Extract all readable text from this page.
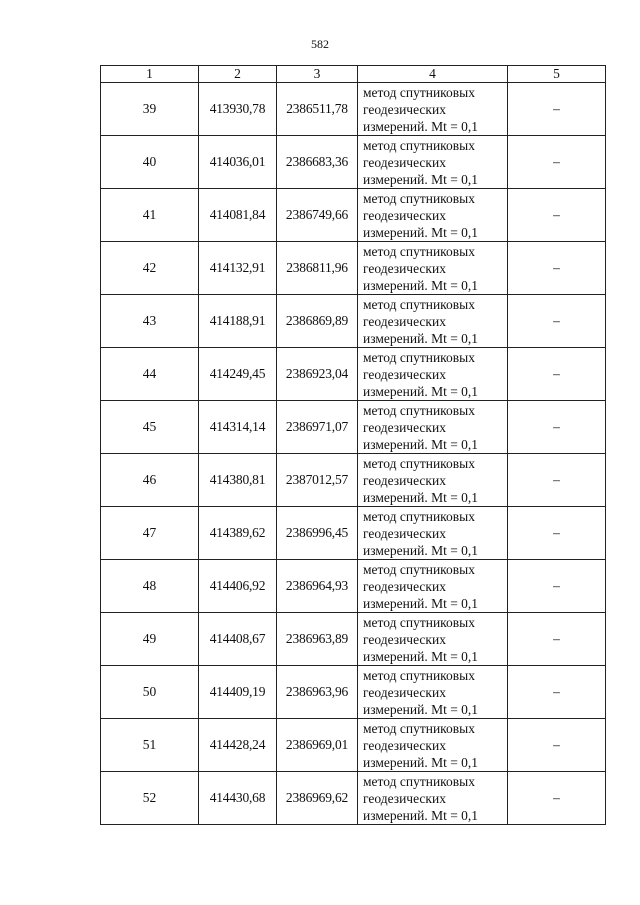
582
1	2	3	4	5
39	413930,78	2386511,78	метод спутниковых
геодезических
измерений. Mt = 0,1	–
40	414036,01	2386683,36	метод спутниковых
геодезических
измерений. Mt = 0,1	–
41	414081,84	2386749,66	метод спутниковых
геодезических
измерений. Mt = 0,1	–
42	414132,91	2386811,96	метод спутниковых
геодезических
измерений. Mt = 0,1	–
43	414188,91	2386869,89	метод спутниковых
геодезических
измерений. Mt = 0,1	–
44	414249,45	2386923,04	метод спутниковых
геодезических
измерений. Mt = 0,1	–
45	414314,14	2386971,07	метод спутниковых
геодезических
измерений. Mt = 0,1	–
46	414380,81	2387012,57	метод спутниковых
геодезических
измерений. Mt = 0,1	–
47	414389,62	2386996,45	метод спутниковых
геодезических
измерений. Mt = 0,1	–
48	414406,92	2386964,93	метод спутниковых
геодезических
измерений. Mt = 0,1	–
49	414408,67	2386963,89	метод спутниковых
геодезических
измерений. Mt = 0,1	–
50	414409,19	2386963,96	метод спутниковых
геодезических
измерений. Mt = 0,1	–
51	414428,24	2386969,01	метод спутниковых
геодезических
измерений. Mt = 0,1	–
52	414430,68	2386969,62	метод спутниковых
геодезических
измерений. Mt = 0,1	–
